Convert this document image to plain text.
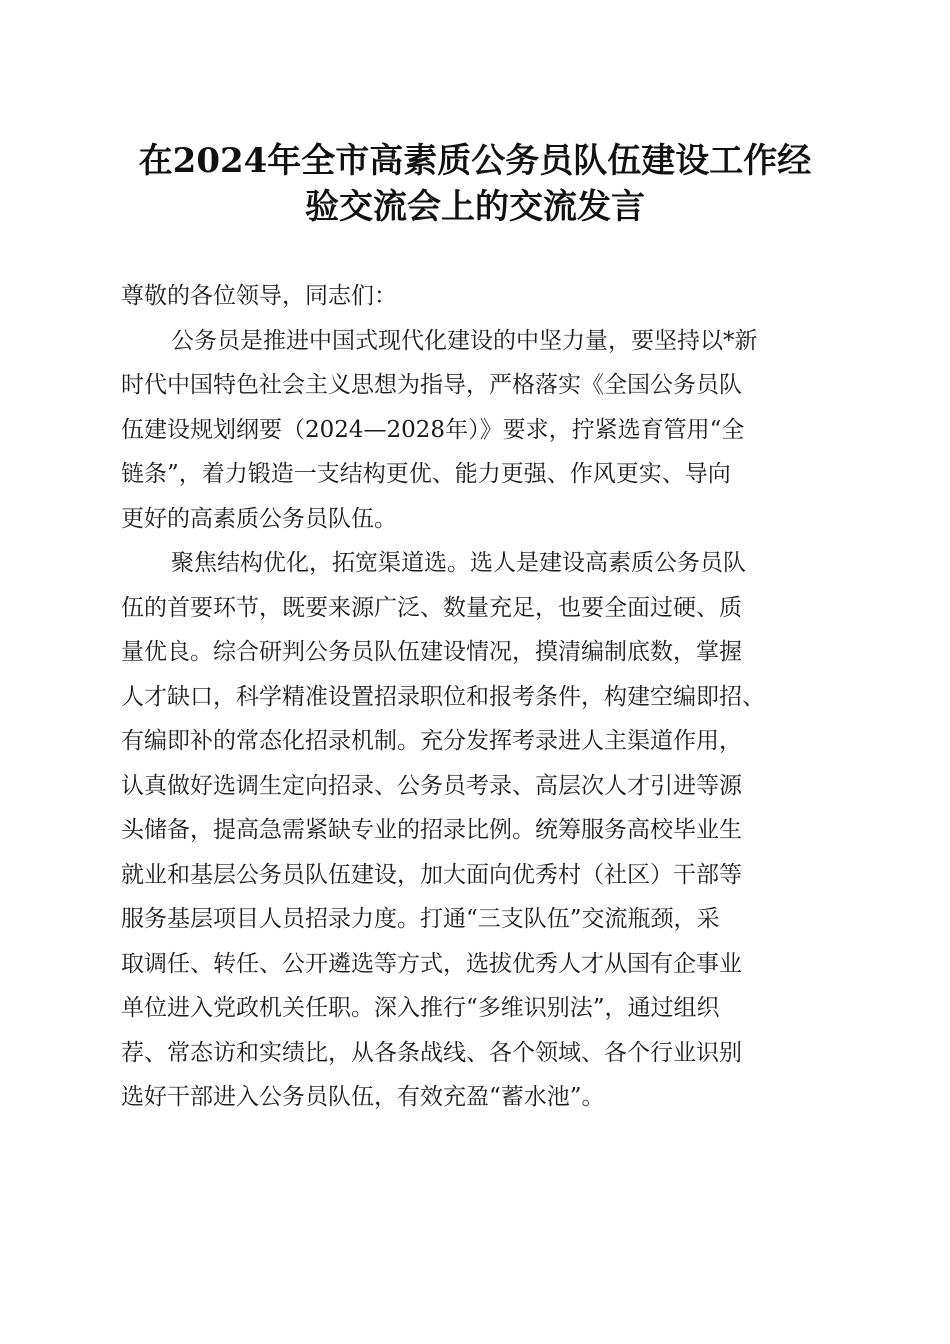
在2024年全市高素质公务员队伍建设工作经
验交流会上的交流发言
尊敬的各位领导，同志们：
公务员是推进中国式现代化建设的中坚力量，要坚持以*新
时代中国特色社会主义思想为指导，严格落实《全国公务员队
伍建设规划纲要（2024—2028年）》要求，拧紧选育管用“全
链条”，着力锻造一支结构更优、能力更强、作风更实、导向
更好的高素质公务员队伍。
聚焦结构优化，拓宽渠道选。选人是建设高素质公务员队
伍的首要环节，既要来源广泛、数量充足，也要全面过硬、质
量优良。综合研判公务员队伍建设情况，摸清编制底数，掌握
人才缺口，科学精准设置招录职位和报考条件，构建空编即招、
有编即补的常态化招录机制。充分发挥考录进人主渠道作用，
认真做好选调生定向招录、公务员考录、高层次人才引进等源
头储备，提高急需紧缺专业的招录比例。统筹服务高校毕业生
就业和基层公务员队伍建设，加大面向优秀村（社区）干部等
服务基层项目人员招录力度。打通“三支队伍”交流瓶颈，采
取调任、转任、公开遴选等方式，选拔优秀人才从国有企事业
单位进入党政机关任职。深入推行“多维识别法”，通过组织
荐、常态访和实绩比，从各条战线、各个领域、各个行业识别
选好干部进入公务员队伍，有效充盈“蓄水池”。
